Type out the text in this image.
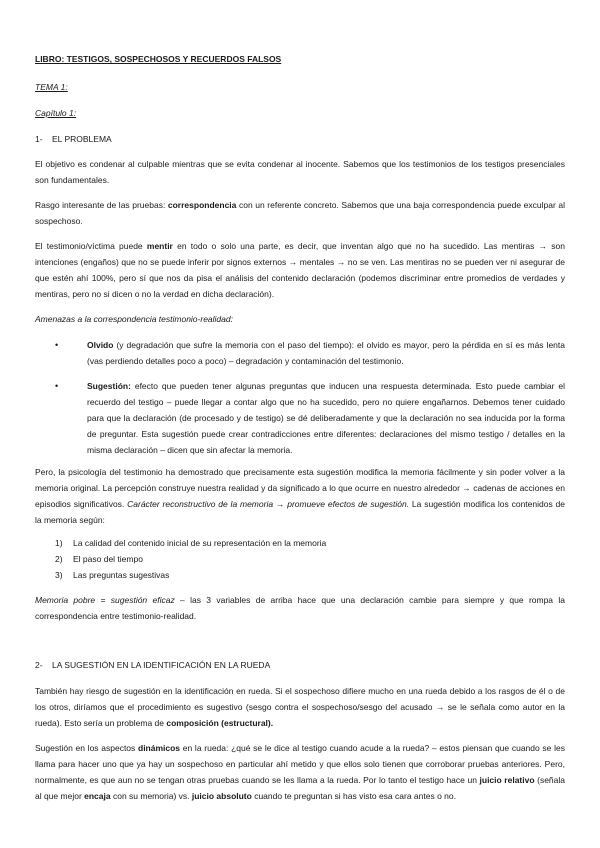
LIBRO: TESTIGOS, SOSPECHOSOS Y RECUERDOS FALSOS

TEMA 1:

Capítulo 1:

1- EL PROBLEMA

El objetivo es condenar al culpable mientras que se evita condenar al inocente. Sabemos que los testimonios de los testigos presenciales son fundamentales.

Rasgo interesante de las pruebas: correspondencia con un referente concreto. Sabemos que una baja correspondencia puede exculpar al sospechoso.

El testimonio/víctima puede mentir en todo o solo una parte, es decir, que inventan algo que no ha sucedido. Las mentiras → son intenciones (engaños) que no se puede inferir por signos externos → mentales → no se ven. Las mentiras no se pueden ver ni asegurar de que estén ahí 100%, pero sí que nos da pisa el análisis del contenido declaración (podemos discriminar entre promedios de verdades y mentiras, pero no si dicen o no la verdad en dicha declaración).

Amenazas a la correspondencia testimonio-realidad:

•	Olvido (y degradación que sufre la memoria con el paso del tiempo): el olvido es mayor, pero la pérdida en sí es más lenta (vas perdiendo detalles poco a poco) – degradación y contaminación del testimonio.
•	Sugestión: efecto que pueden tener algunas preguntas que inducen una respuesta determinada. Esto puede cambiar el recuerdo del testigo – puede llegar a contar algo que no ha sucedido, pero no quiere engañarnos. Debemos tener cuidado para que la declaración (de procesado y de testigo) se dé deliberadamente y que la declaración no sea inducida por la forma de preguntar. Esta sugestión puede crear contradicciones entre diferentes: declaraciones del mismo testigo / detalles en la misma declaración – dicen que sin afectar la memoria.

Pero, la psicología del testimonio ha demostrado que precisamente esta sugestión modifica la memoria fácilmente y sin poder volver a la memoria original. La percepción construye nuestra realidad y da significado a lo que ocurre en nuestro alrededor → cadenas de acciones en episodios significativos. Carácter reconstructivo de la memoria → promueve efectos de sugestión. La sugestión modifica los contenidos de la memoria según:

1) La calidad del contenido inicial de su representación en la memoria
2) El paso del tiempo
3) Las preguntas sugestivas

Memoria pobre = sugestión eficaz – las 3 variables de arriba hace que una declaración cambie para siempre y que rompa la correspondencia entre testimonio-realidad.

2- LA SUGESTIÓN EN LA IDENTIFICACIÓN EN LA RUEDA

También hay riesgo de sugestión en la identificación en rueda. Si el sospechoso difiere mucho en una rueda debido a los rasgos de él o de los otros, diríamos que el procedimiento es sugestivo (sesgo contra el sospechoso/sesgo del acusado → se le señala como autor en la rueda). Esto sería un problema de composición (estructural).

Sugestión en los aspectos dinámicos en la rueda: ¿qué se le dice al testigo cuando acude a la rueda? – estos piensan que cuando se les llama para hacer uno que ya hay un sospechoso en particular ahí metido y que ellos solo tienen que corroborar pruebas anteriores. Pero, normalmente, es que aun no se tengan otras pruebas cuando se les llama a la rueda. Por lo tanto el testigo hace un juicio relativo (señala al que mejor encaja con su memoria) vs. juicio absoluto cuando te preguntan si has visto esa cara antes o no.
